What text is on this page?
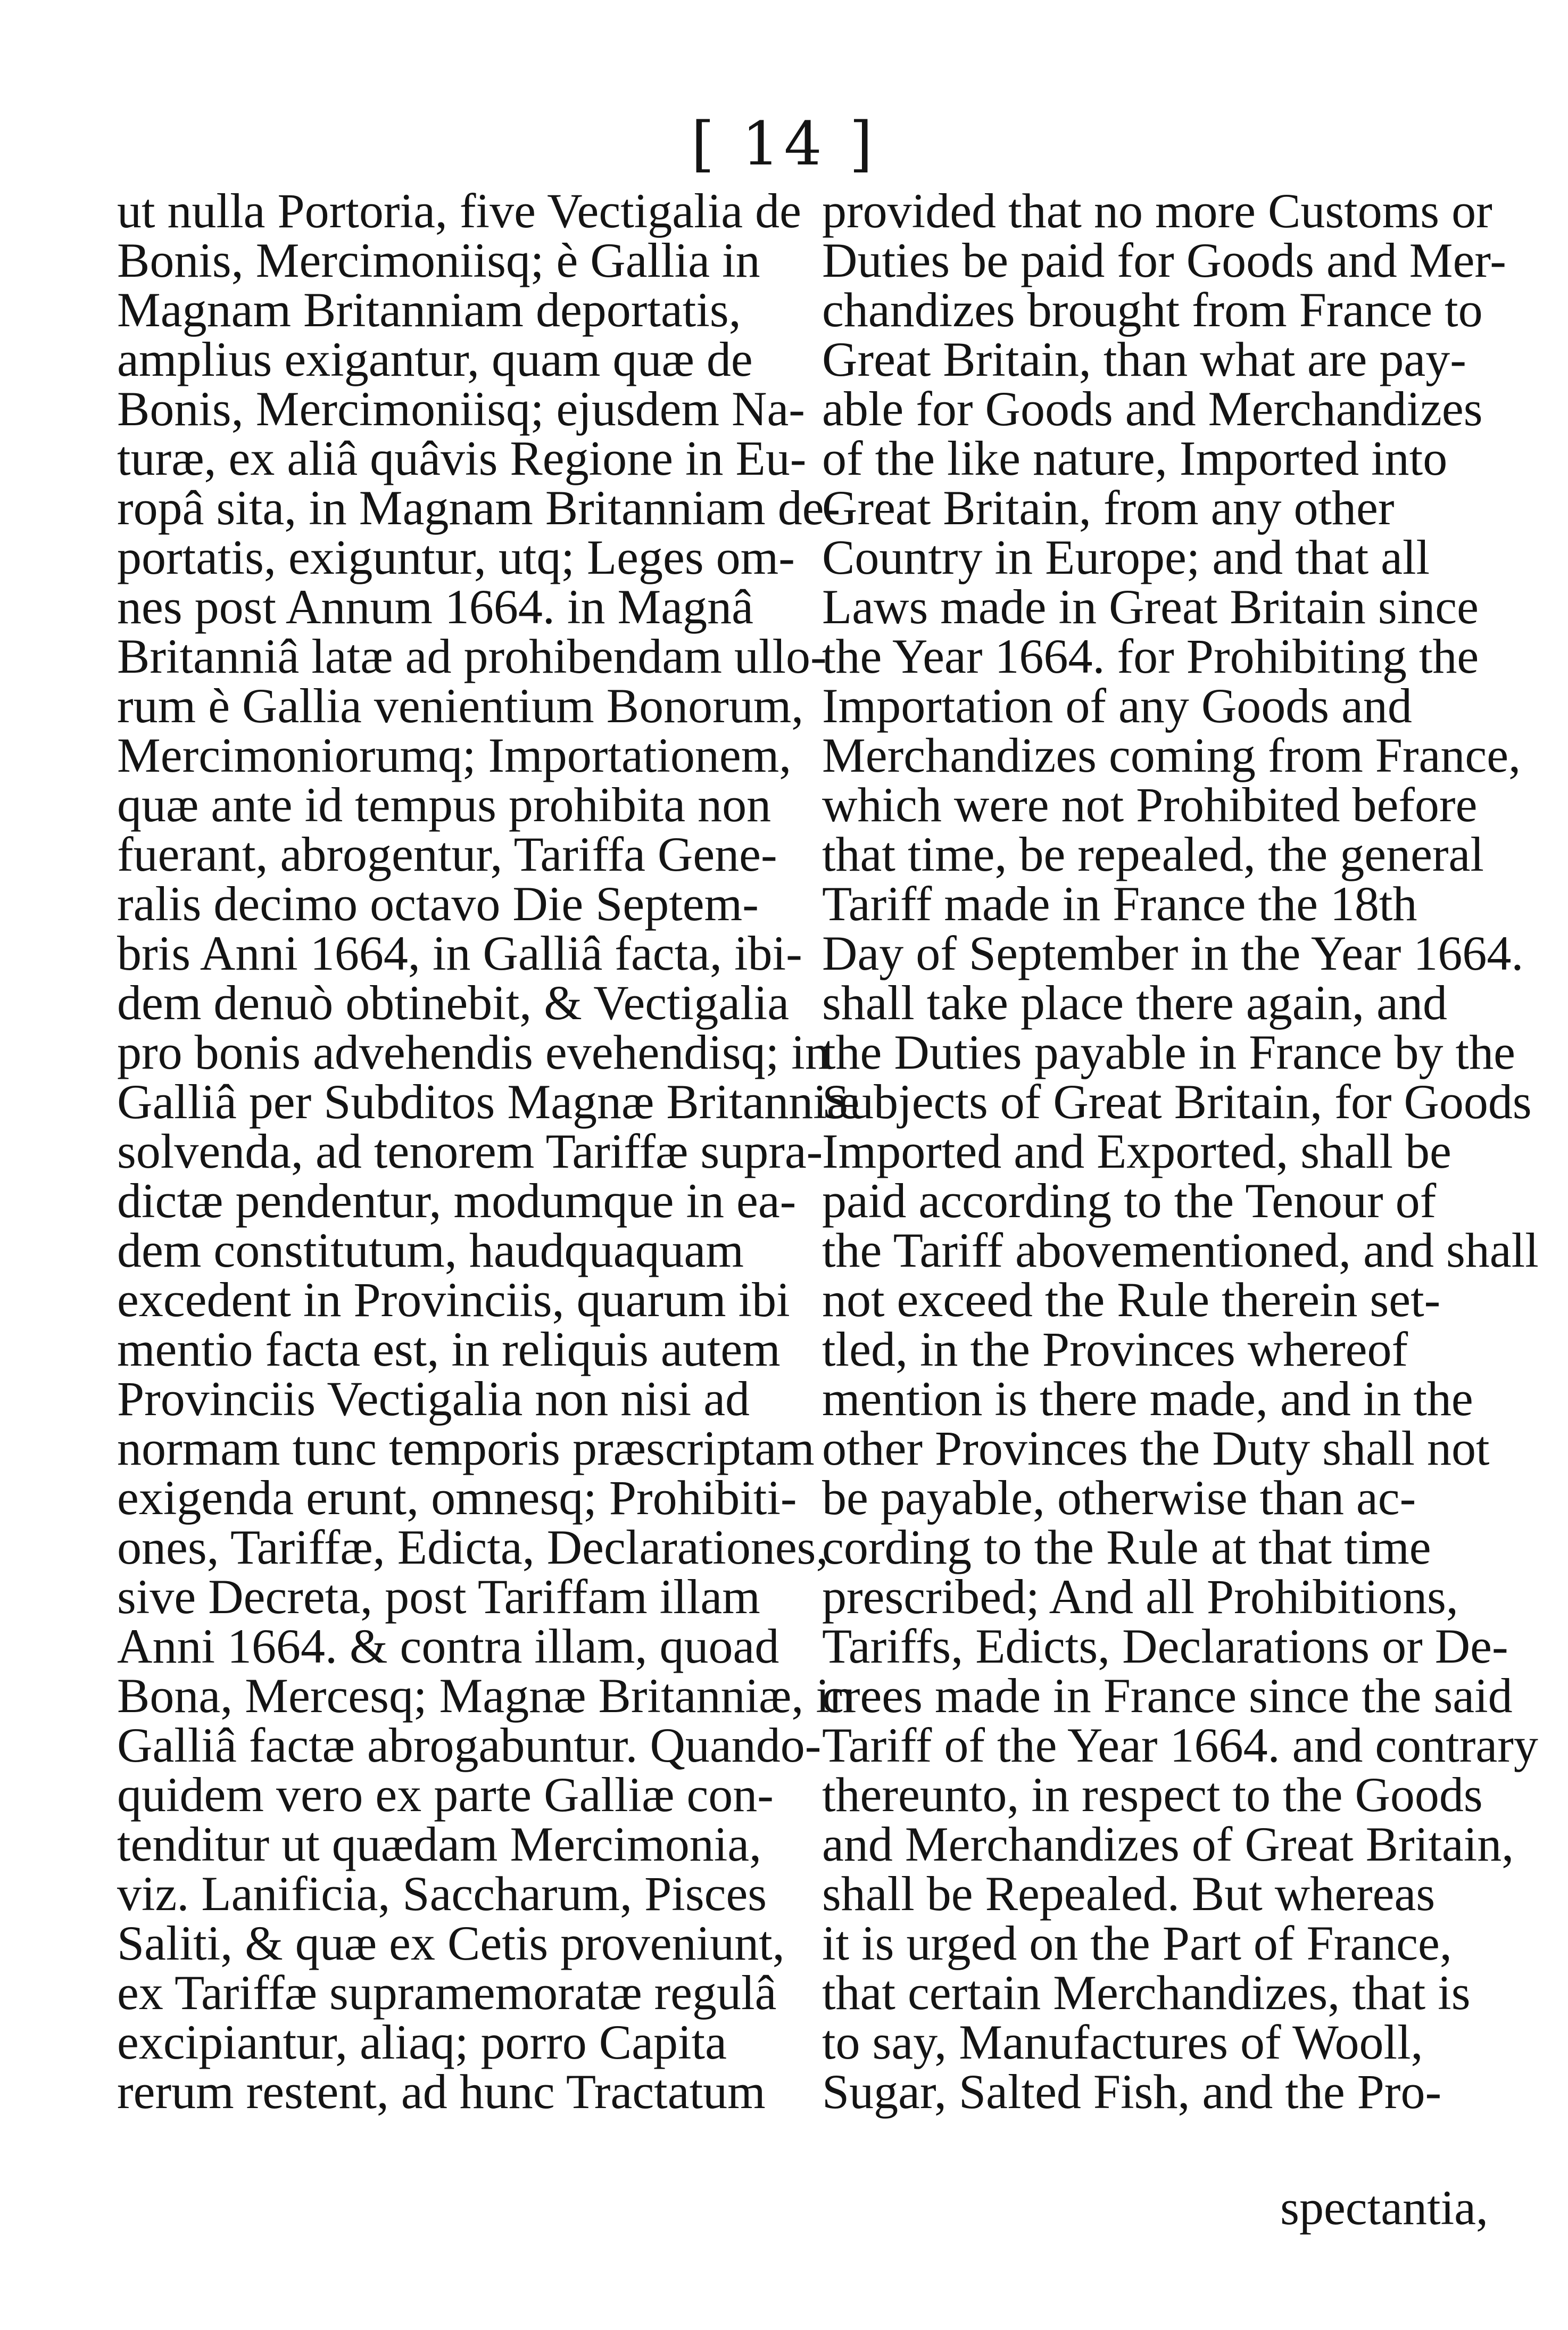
[ 14 ]
ut nulla Portoria, five Vectigalia de
Bonis, Mercimoniisq; è Gallia in
Magnam Britanniam deportatis,
amplius exigantur, quam quæ de
Bonis, Mercimoniisq; ejusdem Na-
turæ, ex aliâ quâvis Regione in Eu-
ropâ sita, in Magnam Britanniam de-
portatis, exiguntur, utq; Leges om-
nes post Annum 1664. in Magnâ
Britanniâ latæ ad prohibendam ullo-
rum è Gallia venientium Bonorum,
Mercimoniorumq; Importationem,
quæ ante id tempus prohibita non
fuerant, abrogentur, Tariffa Gene-
ralis decimo octavo Die Septem-
bris Anni 1664, in Galliâ facta, ibi-
dem denuò obtinebit, & Vectigalia
pro bonis advehendis evehendisq; in
Galliâ per Subditos Magnæ Britanniæ
solvenda, ad tenorem Tariffæ supra-
dictæ pendentur, modumque in ea-
dem constitutum, haudquaquam
excedent in Provinciis, quarum ibi
mentio facta est, in reliquis autem
Provinciis Vectigalia non nisi ad
normam tunc temporis præscriptam
exigenda erunt, omnesq; Prohibiti-
ones, Tariffæ, Edicta, Declarationes,
sive Decreta, post Tariffam illam
Anni 1664. & contra illam, quoad
Bona, Mercesq; Magnæ Britanniæ, in
Galliâ factæ abrogabuntur. Quando-
quidem vero ex parte Galliæ con-
tenditur ut quædam Mercimonia,
viz. Lanificia, Saccharum, Pisces
Saliti, & quæ ex Cetis proveniunt,
ex Tariffæ supramemoratæ regulâ
excipiantur, aliaq; porro Capita
rerum restent, ad hunc Tractatum
provided that no more Customs or
Duties be paid for Goods and Mer-
chandizes brought from France to
Great Britain, than what are pay-
able for Goods and Merchandizes
of the like nature, Imported into
Great Britain, from any other
Country in Europe; and that all
Laws made in Great Britain since
the Year 1664. for Prohibiting the
Importation of any Goods and
Merchandizes coming from France,
which were not Prohibited before
that time, be repealed, the general
Tariff made in France the 18th
Day of September in the Year 1664.
shall take place there again, and
the Duties payable in France by the
Subjects of Great Britain, for Goods
Imported and Exported, shall be
paid according to the Tenour of
the Tariff abovementioned, and shall
not exceed the Rule therein set-
tled, in the Provinces whereof
mention is there made, and in the
other Provinces the Duty shall not
be payable, otherwise than ac-
cording to the Rule at that time
prescribed; And all Prohibitions,
Tariffs, Edicts, Declarations or De-
crees made in France since the said
Tariff of the Year 1664. and contrary
thereunto, in respect to the Goods
and Merchandizes of Great Britain,
shall be Repealed. But whereas
it is urged on the Part of France,
that certain Merchandizes, that is
to say, Manufactures of Wooll,
Sugar, Salted Fish, and the Pro-
spectantia,
